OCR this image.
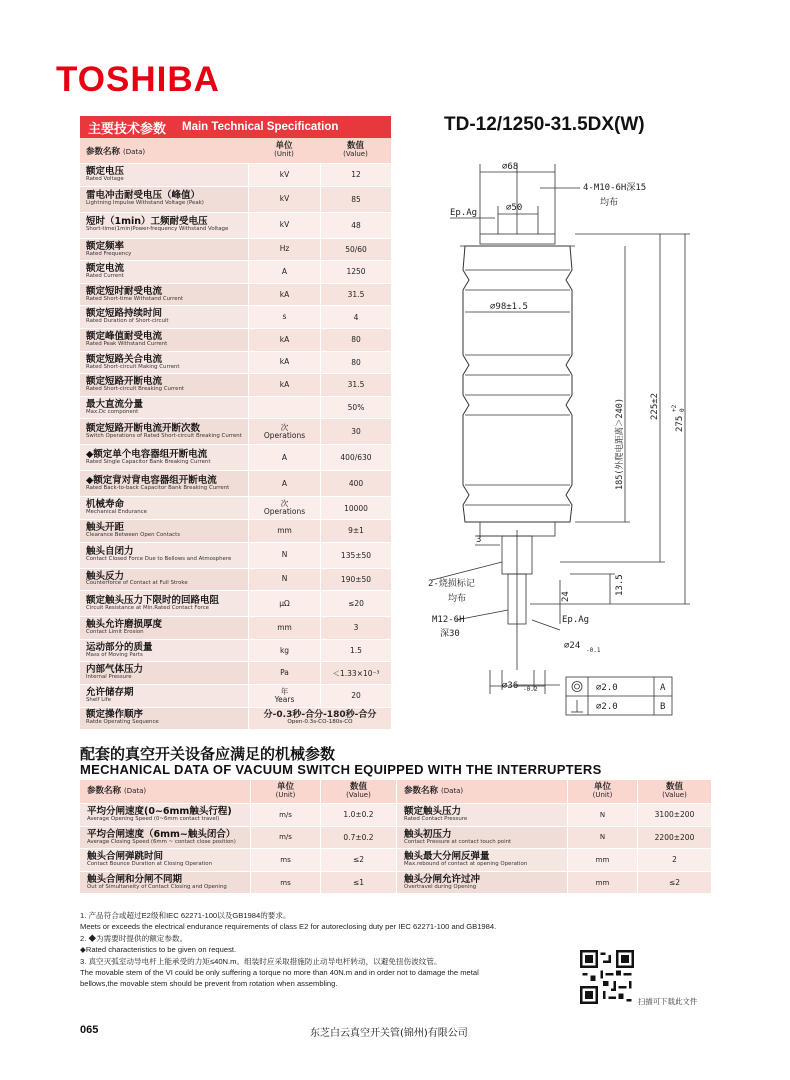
TOSHIBA
TD-12/1250-31.5DX(W)
主要技术参数 Main Technical Specification
参数名称 (Data)
单位
(Unit)
数值
(Value)
额定电压
Rated Voltage
kV	12
雷电冲击耐受电压（峰值）
Lightning Impulse Withstand Voltage (Peak)
kV	85
短时（1min）工频耐受电压
Short-time(1min)Power-frequency Withstand Voltage
kV	48
额定频率
Rated Frequency
Hz	50/60
额定电流
Rated Current
A	1250
额定短时耐受电流
Rated Short-time Withstand Current
kA	31.5
额定短路持续时间
Rated Duration of Short-circuit
s	4
额定峰值耐受电流
Rated Peak Withstand Current
kA	80
额定短路关合电流
Rated Short-circuit Making Current
kA	80
额定短路开断电流
Rated Short-circuit Breaking Current
kA	31.5
最大直流分量
Max.Dc component	50%
额定短路开断电流开断次数
Switch Operations of Rated Short-circuit Breaking Current
次
Operations	30
◆额定单个电容器组开断电流
Rated Single Capacitor Bank Breaking Current
A	400/630
◆额定背对背电容器组开断电流
Rated Back-to-back Capacitor Bank Breaking Current
A	400
机械寿命
Mechanical Endurance
次
Operations	10000
触头开距
Clearance Between Open Contacts
mm	9±1
触头自闭力
Contact Closed Force Due to Bellows and Atmosphere
N	135±50
触头反力
Counterforce of Contact at Full Stroke
N	190±50
额定触头压力下限时的回路电阻
Circuit Resistance at Min.Rated Contact Force
μΩ	≤20
触头允许磨损厚度
Contact Limit Erosion
mm	3
运动部分的质量
Mass of Moving Parts
kg	1.5
内部气体压力
Internal Pressure
Pa	＜1.33×10⁻³
允许储存期
Shelf Life
年
Years	20
额定操作顺序
Ratde Operating Sequence
分-0.3秒-合分-180秒-合分
Open-0.3s-CO-180s-CO
⌀68
4-M10-6H深15
均布
Ep.Ag	⌀50
⌀98±1.5
185(外爬电距离＞240)	225±2
275
+2 0
3
24
13.5
2-烧损标记
均布
M12-6H
深30
Ep.Ag
⌀24 -0.1
⌀36 -0.2	⌀2.0	A
⌀2.0	B
配套的真空开关设备应满足的机械参数
MECHANICAL DATA OF VACUUM SWITCH EQUIPPED WITH THE INTERRUPTERS
参数名称 (Data)	单位
(Unit)
数值
(Value)
平均分闸速度(0~6mm触头行程)
Average Opening Speed (0~6mm contact travel)
m/s	1.0±0.2
平均合闸速度（6mm~触头闭合）
Average Closing Speed (6mm ~ contact close position)
m/s	0.7±0.2
触头合闸弹跳时间
Contact Bounce Duration at Closing Operation
ms	≤2
触头合闸和分闸不同期
Out of Simultaneity of Contact Closing and Opening
ms	≤1
参数名称 (Data)	单位
(Unit)
数值
(Value)
额定触头压力
Rated Contact Pressure
N	3100±200
触头初压力
Contact Pressure at contact touch point
N	2200±200
触头最大分闸反弹量
Max.rebound of contact at opening Operation
mm	2
触头分闸允许过冲
Overtravel during Opening
mm	≤2
1. 产品符合或超过E2级和IEC 62271-100以及GB1984的要求。
Meets or exceeds the electrical endurance requirements of class E2 for autoreclosing duty per IEC 62271-100 and GB1984.
2. ◆为需要时提供的额定参数。
◆Rated characteristics to be given on request.
3. 真空灭弧室动导电杆上能承受的力矩≤40N.m。组装时应采取措施防止动导电杆转动，以避免扭伤波纹管。
The movable stem of the VI could be only suffering a torque no more than 40N.m and in order not to damage the metal
bellows,the movable stem should be prevent from rotation when assembling.
扫描可下载此文件
065	东芝白云真空开关管(锦州)有限公司
